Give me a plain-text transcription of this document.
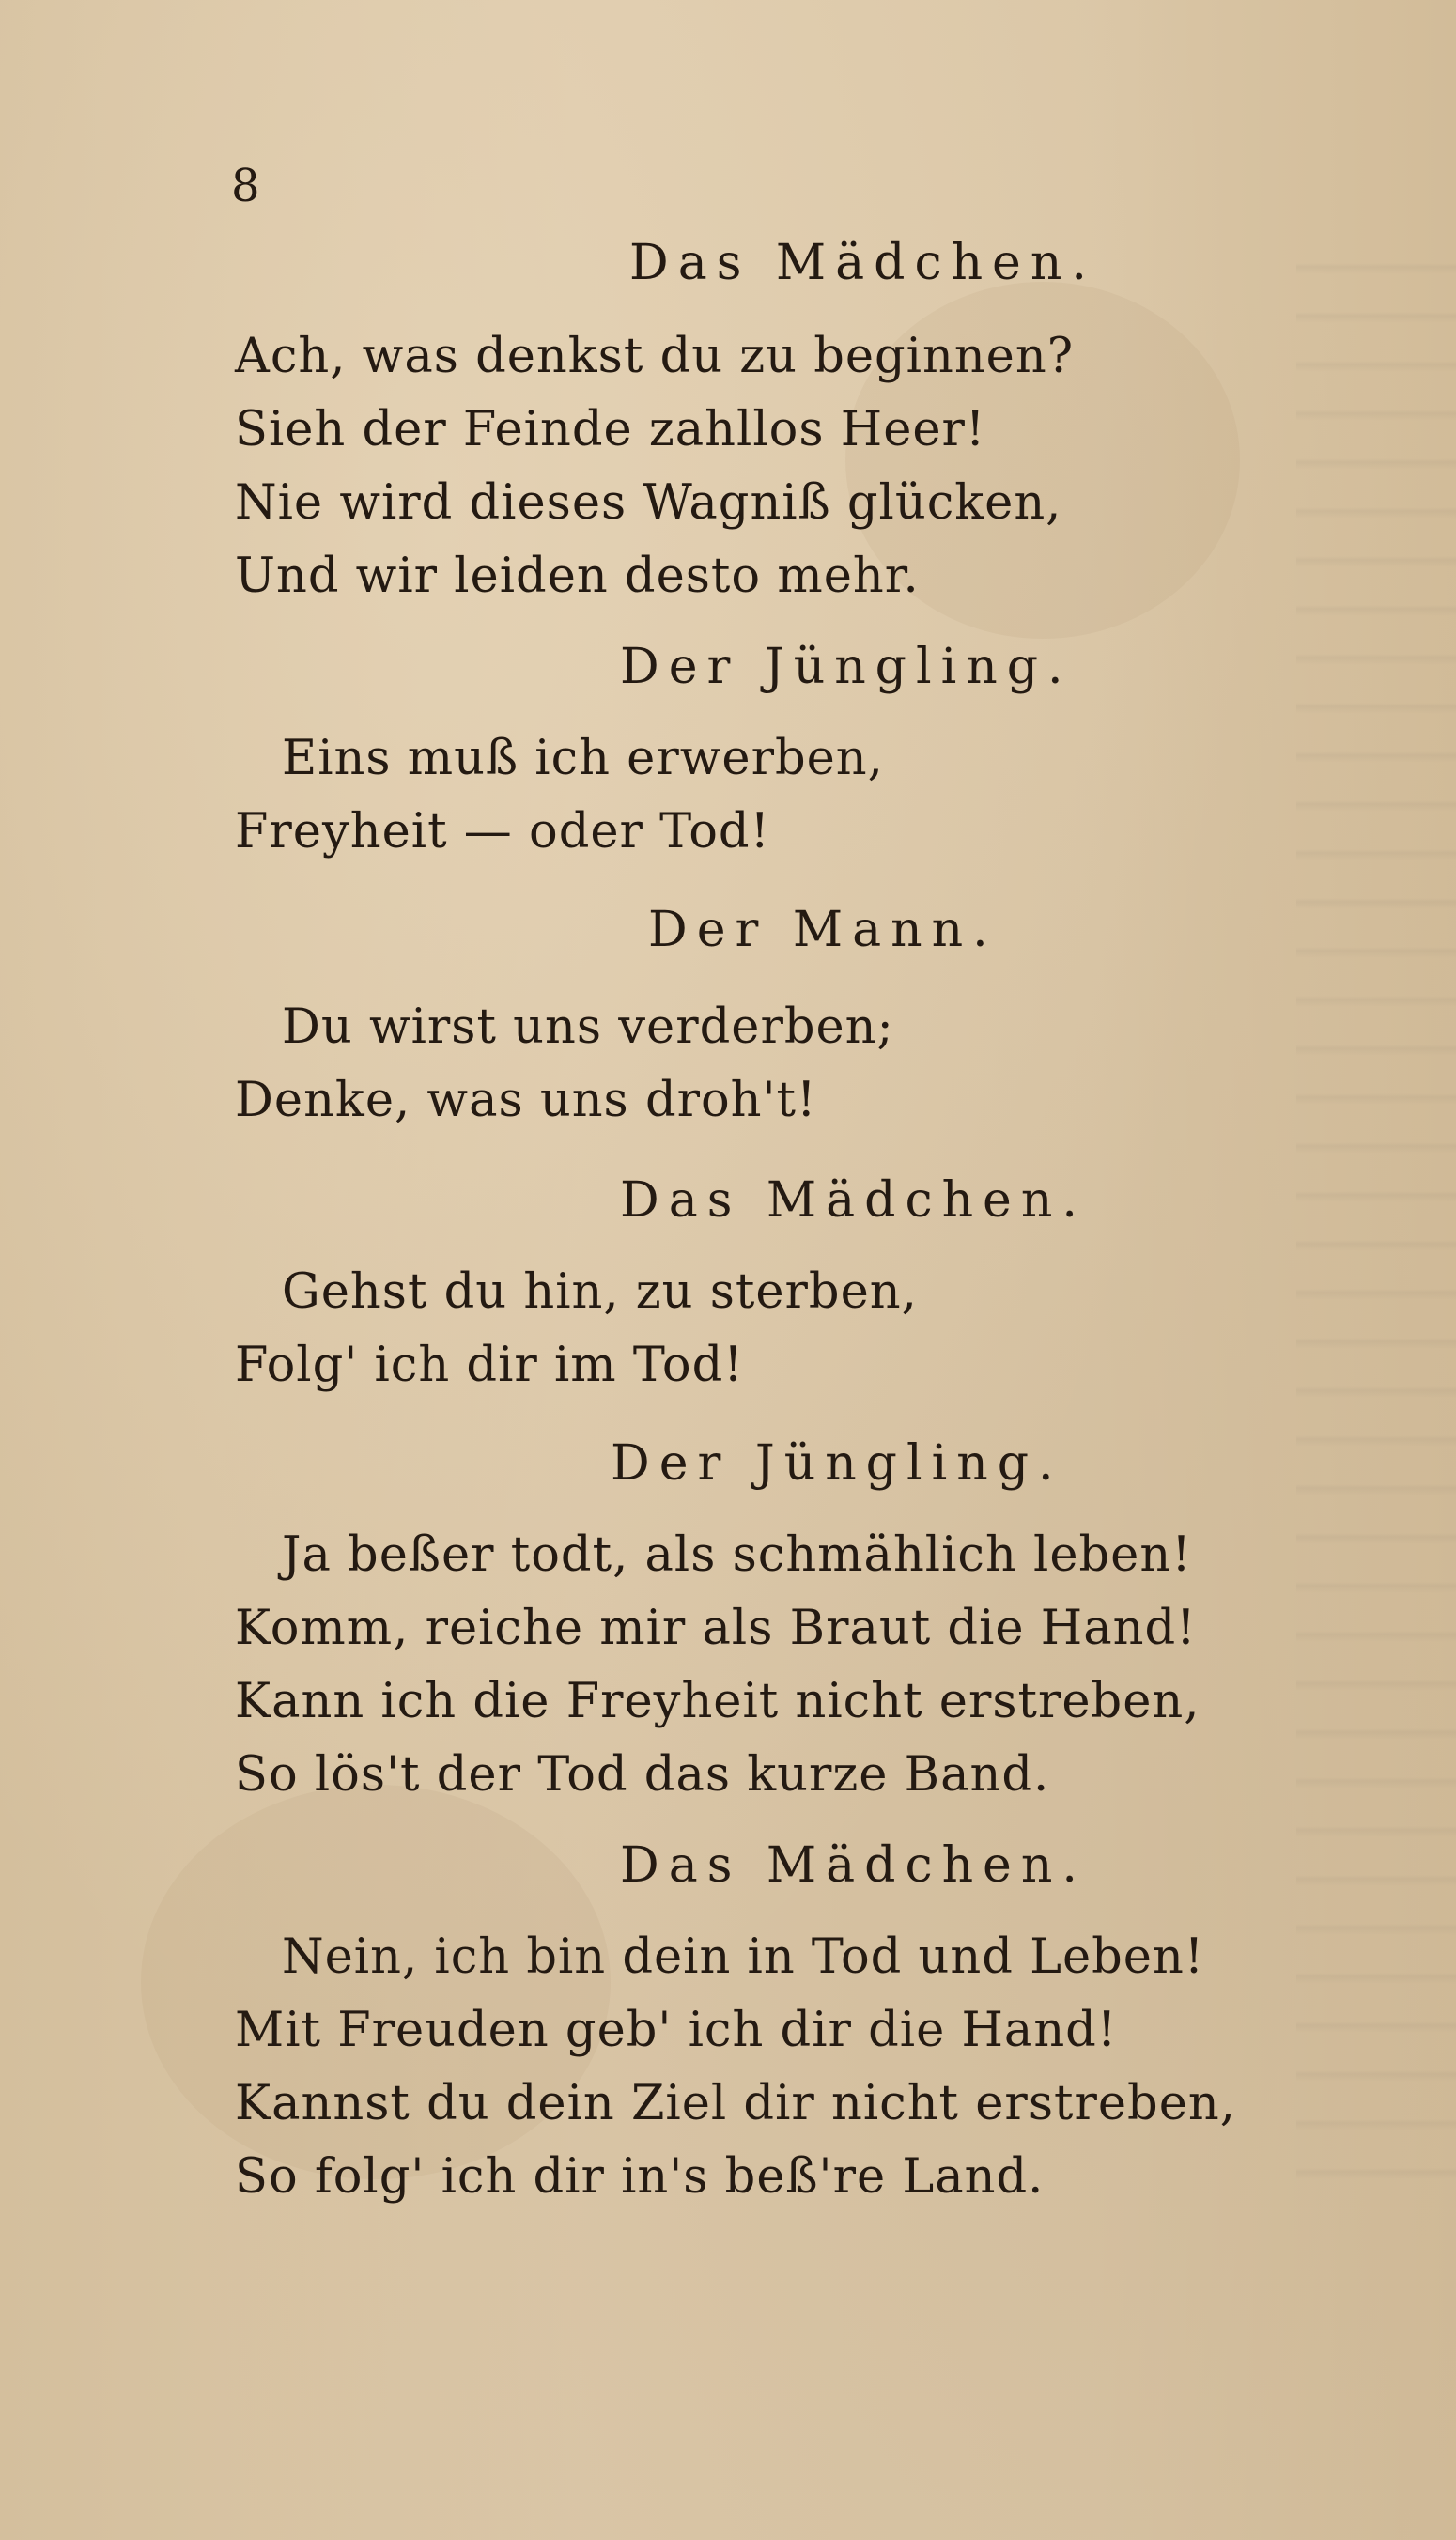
8
Das Mädchen.
Ach, was denkst du zu beginnen?
Sieh der Feinde zahllos Heer!
Nie wird dieses Wagniß glücken,
Und wir leiden desto mehr.
Der Jüngling.
Eins muß ich erwerben,
Freyheit — oder Tod!
Der Mann.
Du wirst uns verderben;
Denke, was uns droh't!
Das Mädchen.
Gehst du hin, zu sterben,
Folg' ich dir im Tod!
Der Jüngling.
Ja beßer todt, als schmählich leben!
Komm, reiche mir als Braut die Hand!
Kann ich die Freyheit nicht erstreben,
So lös't der Tod das kurze Band.
Das Mädchen.
Nein, ich bin dein in Tod und Leben!
Mit Freuden geb' ich dir die Hand!
Kannst du dein Ziel dir nicht erstreben,
So folg' ich dir in's beß're Land.
